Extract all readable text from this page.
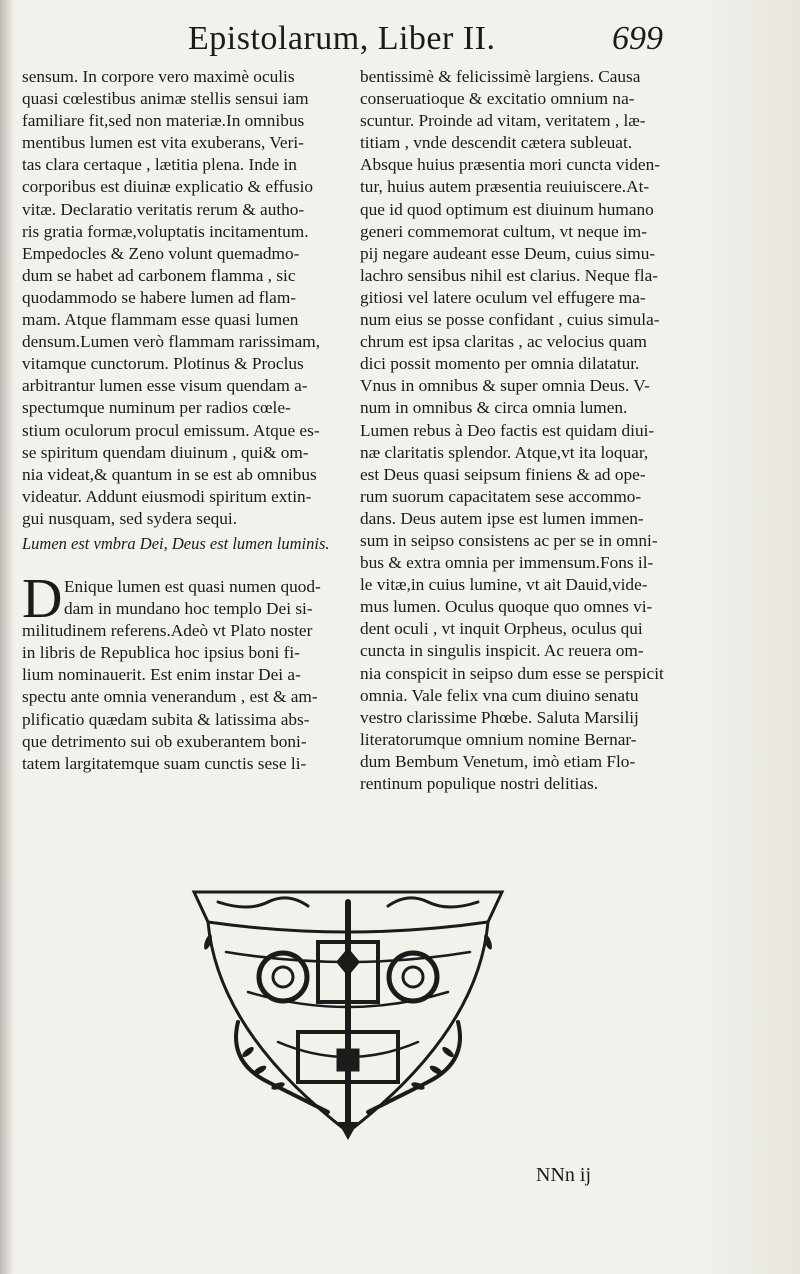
Epistolarum, Liber II.	699
sensum. In corpore vero maximè oculis
quasi cœlestibus animæ stellis sensui iam
familiare fit,sed non materiæ.In omnibus
mentibus lumen est vita exuberans, Veri-
tas clara certaque , lætitia plena. Inde in
corporibus est diuinæ explicatio & effusio
vitæ. Declaratio veritatis rerum & autho-
ris gratia formæ,voluptatis incitamentum.
Empedocles & Zeno volunt quemadmo-
dum se habet ad carbonem flamma , sic
quodammodo se habere lumen ad flam-
mam. Atque flammam esse quasi lumen
densum.Lumen verò flammam rarissimam,
vitamque cunctorum. Plotinus & Proclus
arbitrantur lumen esse visum quendam a-
spectumque numinum per radios cœle-
stium oculorum procul emissum. Atque es-
se spiritum quendam diuinum , qui& om-
nia videat,& quantum in se est ab omnibus
videatur. Addunt eiusmodi spiritum extin-
gui nusquam, sed sydera sequi.
Lumen est vmbra Dei, Deus est lumen luminis.
D Enique lumen est quasi numen quod-
dam in mundano hoc templo Dei si-
militudinem referens.Adeò vt Plato noster
in libris de Republica hoc ipsius boni fi-
lium nominauerit. Est enim instar Dei a-
spectu ante omnia venerandum , est & am-
plificatio quædam subita & latissima abs-
que detrimento sui ob exuberantem boni-
tatem largitatemque suam cunctis sese li-
bentissimè & felicissimè largiens. Causa
conseruatioque & excitatio omnium na-
scuntur. Proinde ad vitam, veritatem , læ-
titiam , vnde descendit cætera subleuat.
Absque huius præsentia mori cuncta viden-
tur, huius autem præsentia reuiuiscere.At-
que id quod optimum est diuinum humano
generi commemorat cultum, vt neque im-
pij negare audeant esse Deum, cuius simu-
lachro sensibus nihil est clarius. Neque fla-
gitiosi vel latere oculum vel effugere ma-
num eius se posse confidant , cuius simula-
chrum est ipsa claritas , ac velocius quam
dici possit momento per omnia dilatatur.
Vnus in omnibus & super omnia Deus. V-
num in omnibus & circa omnia lumen.
Lumen rebus à Deo factis est quidam diui-
næ claritatis splendor. Atque,vt ita loquar,
est Deus quasi seipsum finiens & ad ope-
rum suorum capacitatem sese accommo-
dans. Deus autem ipse est lumen immen-
sum in seipso consistens ac per se in omni-
bus & extra omnia per immensum.Fons il-
le vitæ,in cuius lumine, vt ait Dauid,vide-
mus lumen. Oculus quoque quo omnes vi-
dent oculi , vt inquit Orpheus, oculus qui
cuncta in singulis inspicit. Ac reuera om-
nia conspicit in seipso dum esse se perspicit
omnia. Vale felix vna cum diuino senatu
vestro clarissime Phœbe. Saluta Marsilij
literatorumque omnium nomine Bernar-
dum Bembum Venetum, imò etiam Flo-
rentinum populique nostri delitias.
NNn ij
